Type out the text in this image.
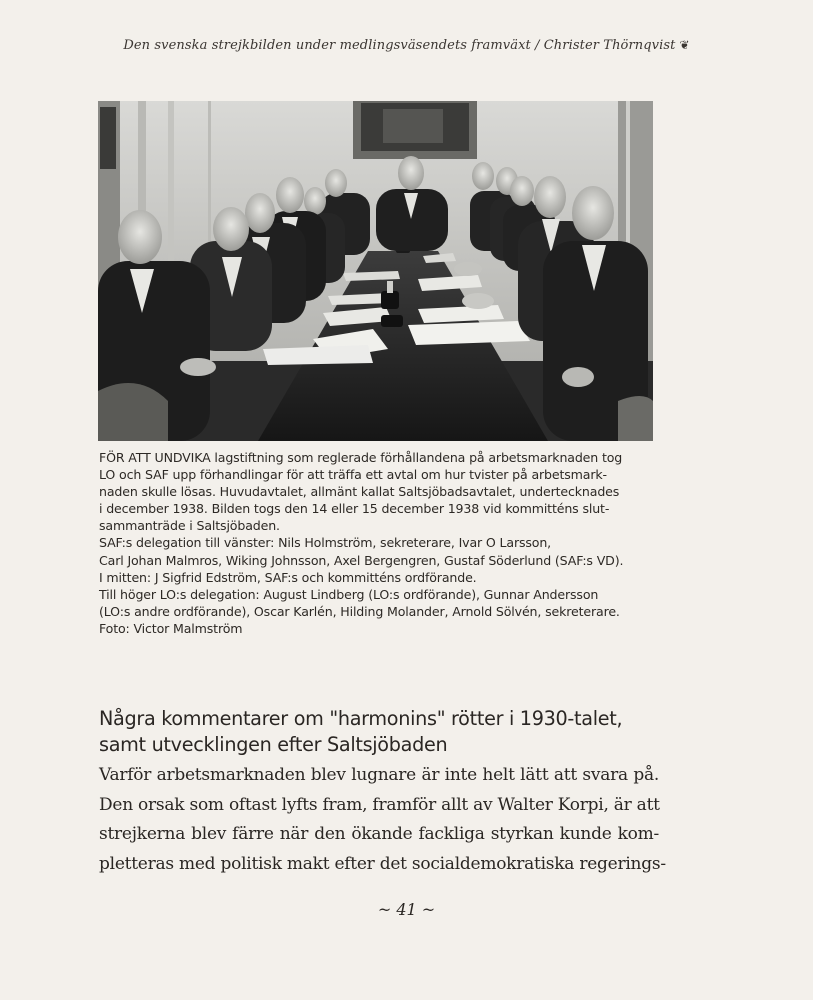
Den svenska strejkbilden under medlingsväsendets framväxt / Christer Thörnqvist ❦
FÖR ATT UNDVIKA lagstiftning som reglerade förhållandena på arbetsmarknaden tog
LO och SAF upp förhandlingar för att träffa ett avtal om hur tvister på arbetsmark-
naden skulle lösas. Huvudavtalet, allmänt kallat Saltsjöbadsavtalet, undertecknades
i december 1938. Bilden togs den 14 eller 15 december 1938 vid kommitténs slut-
sammanträde i Saltsjöbaden.
SAF:s delegation till vänster: Nils Holmström, sekreterare, Ivar O Larsson,
Carl Johan Malmros, Wiking Johnsson, Axel Bergengren, Gustaf Söderlund (SAF:s VD).
I mitten: J Sigfrid Edström, SAF:s och kommitténs ordförande.
Till höger LO:s delegation: August Lindberg (LO:s ordförande), Gunnar Andersson
(LO:s andre ordförande), Oscar Karlén, Hilding Molander, Arnold Sölvén, sekreterare.
Foto: Victor Malmström
Några kommentarer om "harmonins" rötter i 1930-talet,
samt utvecklingen efter Saltsjöbaden
Varför arbetsmarknaden blev lugnare är inte helt lätt att svara på.
Den orsak som oftast lyfts fram, framför allt av Walter Korpi, är att
strejkerna blev färre när den ökande fackliga styrkan kunde kom-
pletteras med politisk makt efter det socialdemokratiska regerings-
~ 41 ~
